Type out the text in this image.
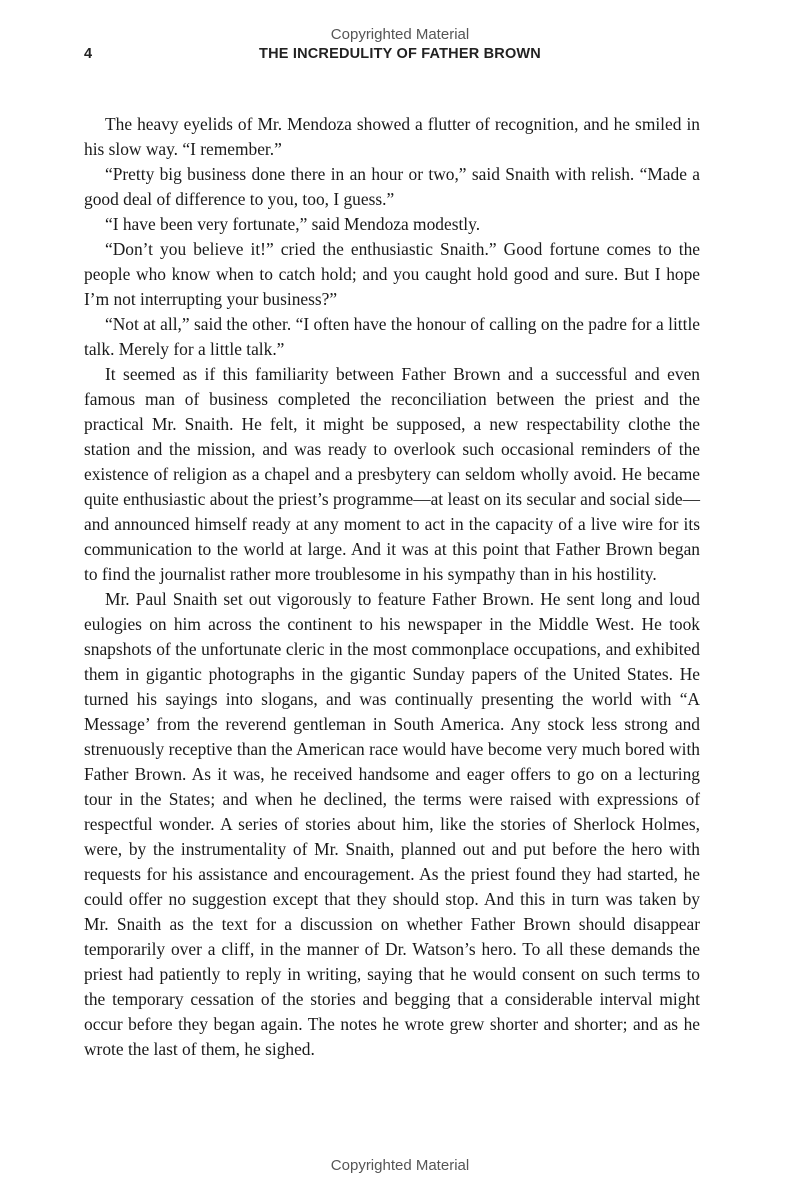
Copyrighted Material
4	THE INCREDULITY OF FATHER BROWN

The heavy eyelids of Mr. Mendoza showed a flutter of recognition, and he smiled in his slow way. “I remember.”

“Pretty big business done there in an hour or two,” said Snaith with relish. “Made a good deal of difference to you, too, I guess.”

“I have been very fortunate,” said Mendoza modestly.

“Don’t you believe it!” cried the enthusiastic Snaith.” Good fortune comes to the people who know when to catch hold; and you caught hold good and sure. But I hope I’m not interrupting your business?”

“Not at all,” said the other. “I often have the honour of calling on the padre for a little talk. Merely for a little talk.”

It seemed as if this familiarity between Father Brown and a successful and even famous man of business completed the reconciliation between the priest and the practical Mr. Snaith. He felt, it might be supposed, a new respectability clothe the station and the mission, and was ready to overlook such occasional reminders of the existence of religion as a chapel and a presbytery can seldom wholly avoid. He became quite enthusiastic about the priest’s programme—at least on its secular and social side—and announced himself ready at any moment to act in the capacity of a live wire for its communication to the world at large. And it was at this point that Father Brown began to find the journalist rather more troublesome in his sympathy than in his hostility.

Mr. Paul Snaith set out vigorously to feature Father Brown. He sent long and loud eulogies on him across the continent to his newspaper in the Middle West. He took snapshots of the unfortunate cleric in the most commonplace occupations, and exhibited them in gigantic photographs in the gigantic Sunday papers of the United States. He turned his sayings into slogans, and was continually presenting the world with “A Message’ from the reverend gentleman in South America. Any stock less strong and strenuously receptive than the American race would have become very much bored with Father Brown. As it was, he received handsome and eager offers to go on a lecturing tour in the States; and when he declined, the terms were raised with expressions of respectful wonder. A series of stories about him, like the stories of Sherlock Holmes, were, by the instrumentality of Mr. Snaith, planned out and put before the hero with requests for his assistance and encouragement. As the priest found they had started, he could offer no suggestion except that they should stop. And this in turn was taken by Mr. Snaith as the text for a discussion on whether Father Brown should disappear temporarily over a cliff, in the manner of Dr. Watson’s hero. To all these demands the priest had patiently to reply in writing, saying that he would consent on such terms to the temporary cessation of the stories and begging that a considerable interval might occur before they began again. The notes he wrote grew shorter and shorter; and as he wrote the last of them, he sighed.

Copyrighted Material
